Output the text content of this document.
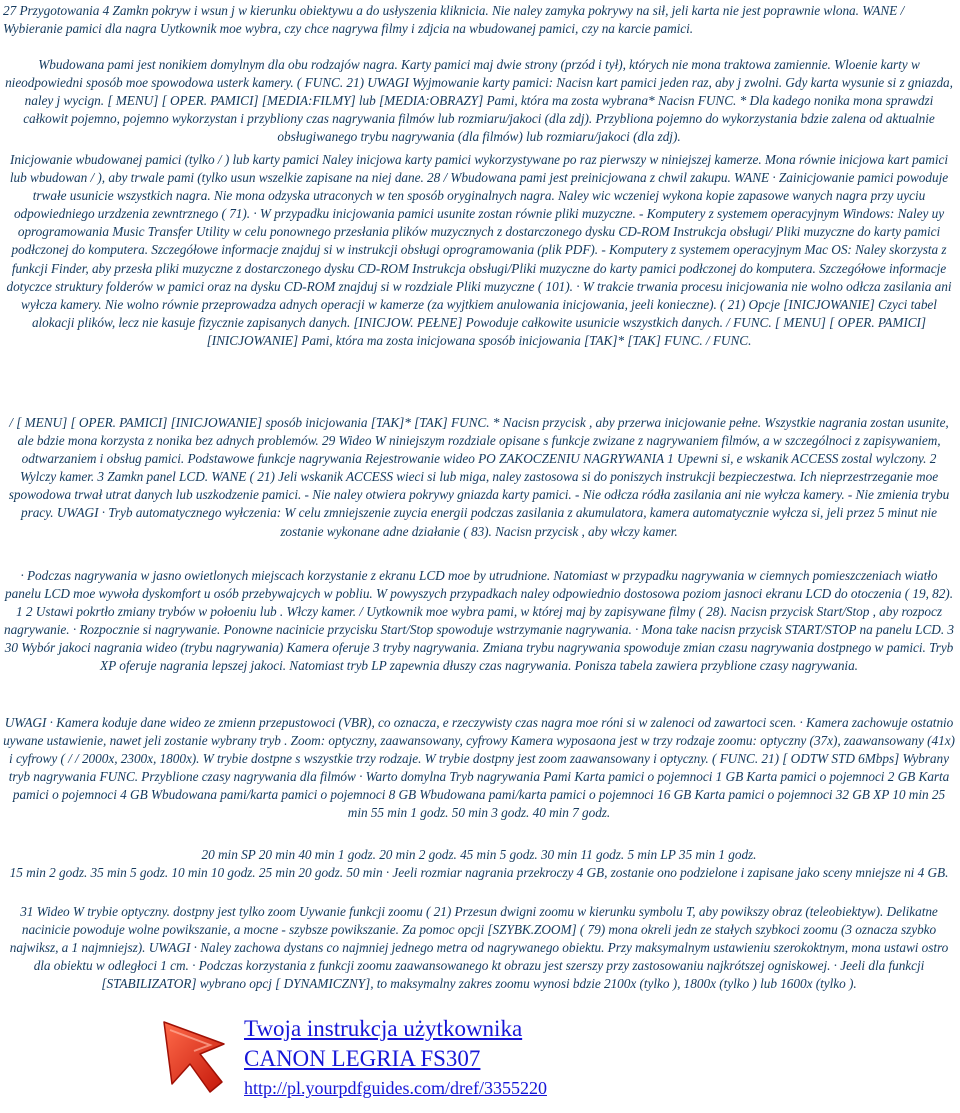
27 Przygotowania 4 Zamkn pokryw i wsun j w kierunku obiektywu a do usłyszenia kliknicia. Nie naley zamyka pokrywy na sił, jeli karta nie jest poprawnie wlona. WANE / Wybieranie pamici dla nagra Uytkownik moe wybra, czy chce nagrywa filmy i zdjcia na wbudowanej pamici, czy na karcie pamici.

Wbudowana pami jest nonikiem domylnym dla obu rodzajów nagra. Karty pamici maj dwie strony (przód i tył), których nie mona traktowa zamiennie. Wloenie karty w nieodpowiedni sposób moe spowodowa usterk kamery. ( FUNC. 21) UWAGI Wyjmowanie karty pamici: Nacisn kart pamici jeden raz, aby j zwolni. Gdy karta wysunie si z gniazda, naley j wycign. [ MENU] [ OPER. PAMICI] [MEDIA:FILMY] lub [MEDIA:OBRAZY] Pami, która ma zosta wybrana* Nacisn FUNC. * Dla kadego nonika mona sprawdzi całkowit pojemno, pojemno wykorzystan i przybliony czas nagrywania filmów lub rozmiaru/jakoci (dla zdj). Przybliona pojemno do wykorzystania bdzie zalena od aktualnie obsługiwanego trybu nagrywania (dla filmów) lub rozmiaru/jakoci (dla zdj).

Inicjowanie wbudowanej pamici (tylko / ) lub karty pamici Naley inicjowa karty pamici wykorzystywane po raz pierwszy w niniejszej kamerze. Mona równie inicjowa kart pamici lub wbudowan / ), aby trwale pami (tylko usun wszelkie zapisane na niej dane. 28 / Wbudowana pami jest preinicjowana z chwil zakupu. WANE · Zainicjowanie pamici powoduje trwałe usunicie wszystkich nagra. Nie mona odzyska utraconych w ten sposób oryginalnych nagra. Naley wic wczeniej wykona kopie zapasowe wanych nagra przy uyciu odpowiedniego urzdzenia zewntrznego ( 71). · W przypadku inicjowania pamici usunite zostan równie pliki muzyczne. - Komputery z systemem operacyjnym Windows: Naley uy oprogramowania Music Transfer Utility w celu ponownego przesłania plików muzycznych z dostarczonego dysku CD-ROM Instrukcja obsługi/ Pliki muzyczne do karty pamici podłczonej do komputera. Szczegółowe informacje znajduj si w instrukcji obsługi oprogramowania (plik PDF). - Komputery z systemem operacyjnym Mac OS: Naley skorzysta z funkcji Finder, aby przesła pliki muzyczne z dostarczonego dysku CD-ROM Instrukcja obsługi/Pliki muzyczne do karty pamici podłczonej do komputera. Szczegółowe informacje dotyczce struktury folderów w pamici oraz na dysku CD-ROM znajduj si w rozdziale Pliki muzyczne ( 101). · W trakcie trwania procesu inicjowania nie wolno odłcza zasilania ani wyłcza kamery. Nie wolno równie przeprowadza adnych operacji w kamerze (za wyjtkiem anulowania inicjowania, jeeli konieczne). ( 21) Opcje [INICJOWANIE] Czyci tabel alokacji plików, lecz nie kasuje fizycznie zapisanych danych. [INICJOW. PEŁNE] Powoduje całkowite usunicie wszystkich danych. / FUNC. [ MENU] [ OPER. PAMICI] [INICJOWANIE] Pami, która ma zosta inicjowana sposób inicjowania [TAK]* [TAK] FUNC. / FUNC.

/ [ MENU] [ OPER. PAMICI] [INICJOWANIE] sposób inicjowania [TAK]* [TAK] FUNC. * Nacisn przycisk , aby przerwa inicjowanie pełne. Wszystkie nagrania zostan usunite, ale bdzie mona korzysta z nonika bez adnych problemów. 29 Wideo W niniejszym rozdziale opisane s funkcje zwizane z nagrywaniem filmów, a w szczególnoci z zapisywaniem, odtwarzaniem i obsług pamici. Podstawowe funkcje nagrywania Rejestrowanie wideo PO ZAKOCZENIU NAGRYWANIA 1 Upewni si, e wskanik ACCESS zostal wylczony. 2 Wylczy kamer. 3 Zamkn panel LCD. WANE ( 21) Jeli wskanik ACCESS wieci si lub miga, naley zastosowa si do poniszych instrukcji bezpieczestwa. Ich nieprzestrzeganie moe spowodowa trwał utrat danych lub uszkodzenie pamici. - Nie naley otwiera pokrywy gniazda karty pamici. - Nie odłcza ródła zasilania ani nie wyłcza kamery. - Nie zmienia trybu pracy. UWAGI · Tryb automatycznego wyłczenia: W celu zmniejszenie zuycia energii podczas zasilania z akumulatora, kamera automatycznie wyłcza si, jeli przez 5 minut nie zostanie wykonane adne działanie ( 83). Nacisn przycisk , aby włczy kamer.

· Podczas nagrywania w jasno owietlonych miejscach korzystanie z ekranu LCD moe by utrudnione. Natomiast w przypadku nagrywania w ciemnych pomieszczeniach wiatło panelu LCD moe wywoła dyskomfort u osób przebywajcych w pobliu. W powyszych przypadkach naley odpowiednio dostosowa poziom jasnoci ekranu LCD do otoczenia ( 19, 82). 1 2 Ustawi pokrtło zmiany trybów w połoeniu lub . Włczy kamer. / Uytkownik moe wybra pami, w której maj by zapisywane filmy ( 28). Nacisn przycisk Start/Stop , aby rozpocz nagrywanie. · Rozpocznie si nagrywanie. Ponowne nacinicie przycisku Start/Stop spowoduje wstrzymanie nagrywania. · Mona take nacisn przycisk START/STOP na panelu LCD. 3 30 Wybór jakoci nagrania wideo (trybu nagrywania) Kamera oferuje 3 tryby nagrywania. Zmiana trybu nagrywania spowoduje zmian czasu nagrywania dostpnego w pamici. Tryb XP oferuje nagrania lepszej jakoci. Natomiast tryb LP zapewnia dłuszy czas nagrywania. Ponisza tabela zawiera przyblione czasy nagrywania.

UWAGI · Kamera koduje dane wideo ze zmienn przepustowoci (VBR), co oznacza, e rzeczywisty czas nagra moe róni si w zalenoci od zawartoci scen. · Kamera zachowuje ostatnio uywane ustawienie, nawet jeli zostanie wybrany tryb . Zoom: optyczny, zaawansowany, cyfrowy Kamera wyposaona jest w trzy rodzaje zoomu: optyczny (37x), zaawansowany (41x) i cyfrowy ( / / 2000x, 2300x, 1800x). W trybie dostpne s wszystkie trzy rodzaje. W trybie dostpny jest zoom zaawansowany i optyczny. ( FUNC. 21) [ ODTW STD 6Mbps] Wybrany tryb nagrywania FUNC. Przyblione czasy nagrywania dla filmów · Warto domylna Tryb nagrywania Pami Karta pamici o pojemnoci 1 GB Karta pamici o pojemnoci 2 GB Karta pamici o pojemnoci 4 GB Wbudowana pami/karta pamici o pojemnoci 8 GB Wbudowana pami/karta pamici o pojemnoci 16 GB Karta pamici o pojemnoci 32 GB XP 10 min 25 min 55 min 1 godz. 50 min 3 godz. 40 min 7 godz.

20 min SP 20 min 40 min 1 godz. 20 min 2 godz. 45 min 5 godz. 30 min 11 godz. 5 min LP 35 min 1 godz.

15 min 2 godz. 35 min 5 godz. 10 min 10 godz. 25 min 20 godz. 50 min · Jeeli rozmiar nagrania przekroczy 4 GB, zostanie ono podzielone i zapisane jako sceny mniejsze ni 4 GB.

31 Wideo W trybie optyczny. dostpny jest tylko zoom Uywanie funkcji zoomu ( 21) Przesun dwigni zoomu w kierunku symbolu T, aby powikszy obraz (teleobiektyw). Delikatne nacinicie powoduje wolne powikszanie, a mocne - szybsze powikszanie. Za pomoc opcji [SZYBK.ZOOM] ( 79) mona okreli jedn ze stałych szybkoci zoomu (3 oznacza szybko najwiksz, a 1 najmniejsz). UWAGI · Naley zachowa dystans co najmniej jednego metra od nagrywanego obiektu. Przy maksymalnym ustawieniu szerokoktnym, mona ustawi ostro dla obiektu w odległoci 1 cm. · Podczas korzystania z funkcji zoomu zaawansowanego kt obrazu jest szerszy przy zastosowaniu najkrótszej ogniskowej. · Jeeli dla funkcji [STABILIZATOR] wybrano opcj [ DYNAMICZNY], to maksymalny zakres zoomu wynosi bdzie 2100x (tylko ), 1800x (tylko ) lub 1600x (tylko ).

Twoja instrukcja użytkownika
CANON LEGRIA FS307
http://pl.yourpdfguides.com/dref/3355220
